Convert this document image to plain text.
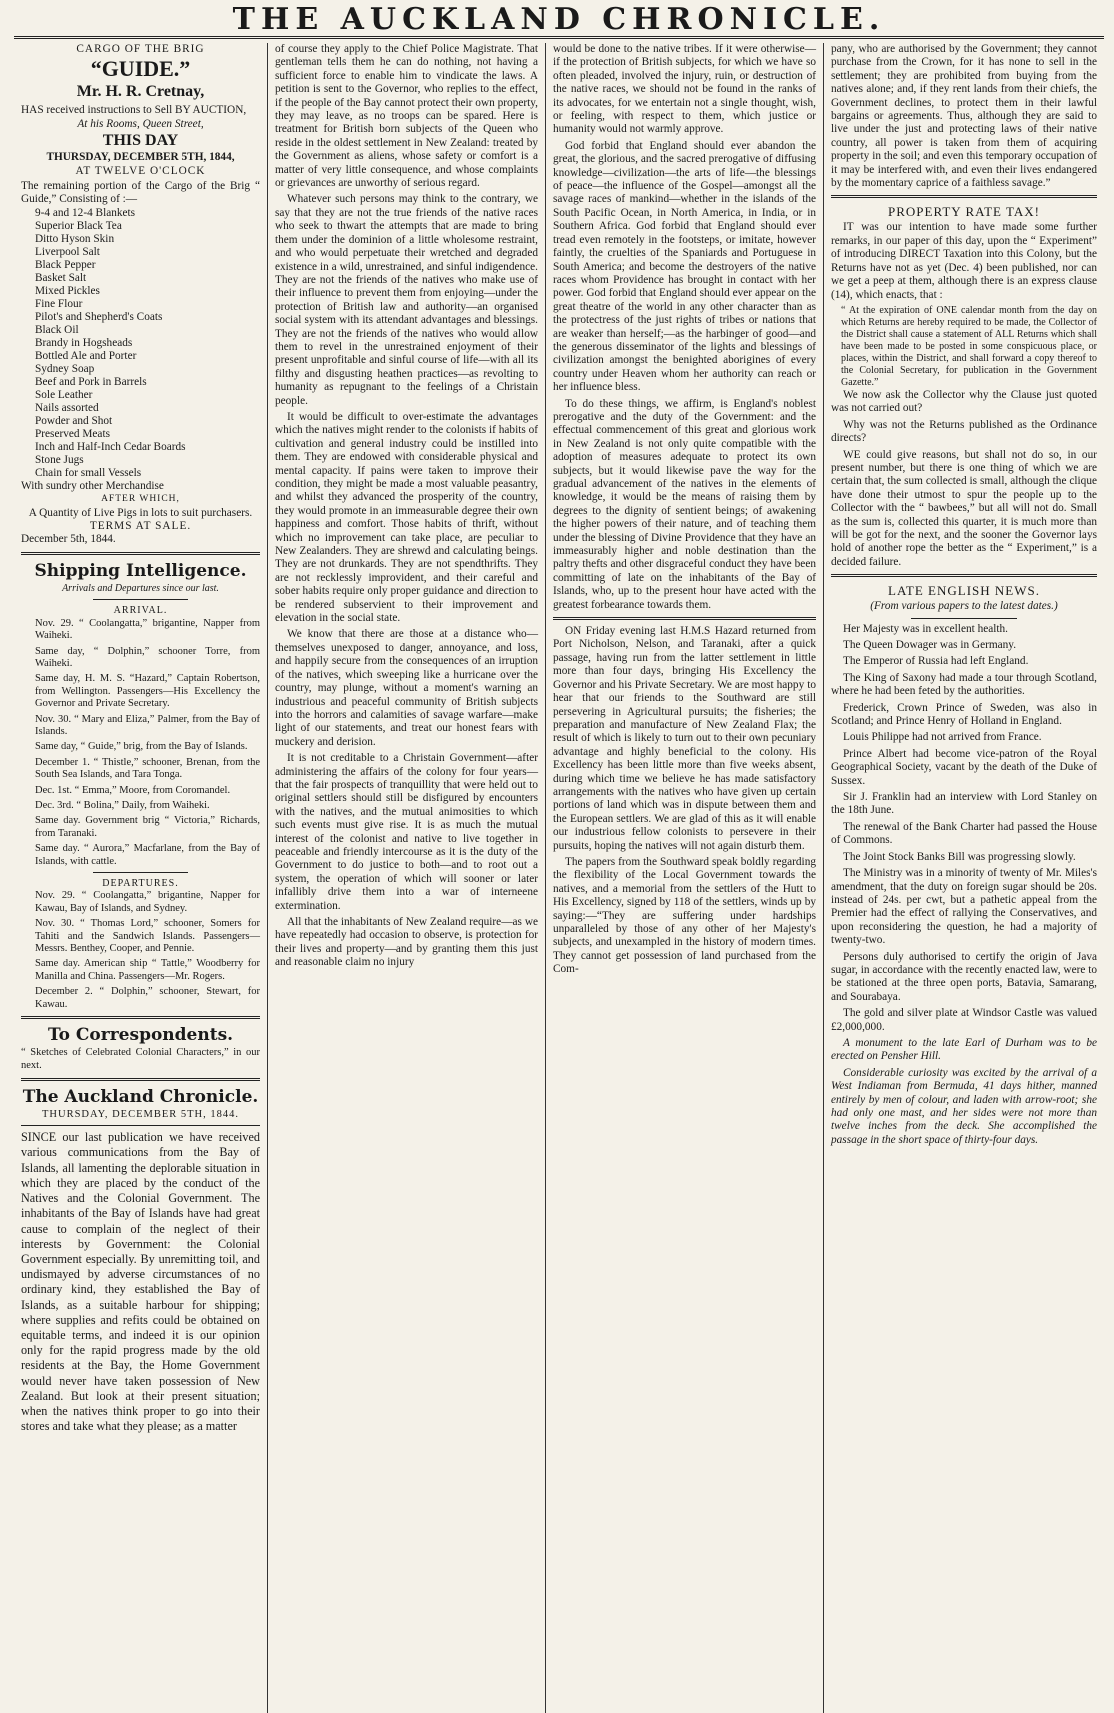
THE AUCKLAND CHRONICLE.
CARGO OF THE BRIG
“GUIDE.”
Mr. H. R. Cretnay,
HAS received instructions to Sell BY AUCTION,
At his Rooms, Queen Street,
THIS DAY
THURSDAY, DECEMBER 5TH, 1844,
AT TWELVE O'CLOCK
The remaining portion of the Cargo of the Brig “ Guide,” Consisting of :—
9-4 and 12-4 Blankets
Superior Black Tea
Ditto Hyson Skin
Liverpool Salt
Black Pepper
Basket Salt
Mixed Pickles
Fine Flour
Pilot's and Shepherd's Coats
Black Oil
Brandy in Hogsheads
Bottled Ale and Porter
Sydney Soap
Beef and Pork in Barrels
Sole Leather
Nails assorted
Powder and Shot
Preserved Meats
Inch and Half-Inch Cedar Boards
Stone Jugs
Chain for small Vessels
With sundry other Merchandise
AFTER WHICH,
A Quantity of Live Pigs in lots to suit purchasers.
TERMS AT SALE.
December 5th, 1844.
Shipping Intelligence.
Arrivals and Departures since our last.
ARRIVAL.

Nov. 29. “ Coolangatta,” brigantine, Napper from Waiheki.

Same day, “ Dolphin,” schooner Torre, from Waiheki.

Same day, H. M. S. “Hazard,” Captain Robertson, from Wellington. Passengers—His Excellency the Governor and Private Secretary.

Nov. 30. “ Mary and Eliza,” Palmer, from the Bay of Islands.

Same day, “ Guide,” brig, from the Bay of Islands.

December 1. “ Thistle,” schooner, Brenan, from the South Sea Islands, and Tara Tonga.

Dec. 1st. “ Emma,” Moore, from Coromandel.

Dec. 3rd. “ Bolina,” Daily, from Waiheki.

Same day. Government brig “ Victoria,” Richards, from Taranaki.

Same day. “ Aurora,” Macfarlane, from the Bay of Islands, with cattle.

DEPARTURES.

Nov. 29. “ Coolangatta,” brigantine, Napper for Kawau, Bay of Islands, and Sydney.

Nov. 30. “ Thomas Lord,” schooner, Somers for Tahiti and the Sandwich Islands. Passengers—Messrs. Benthey, Cooper, and Pennie.

Same day. American ship “ Tattle,” Woodberry for Manilla and China. Passengers—Mr. Rogers.

December 2. “ Dolphin,” schooner, Stewart, for Kawau.

To Correspondents.
“ Sketches of Celebrated Colonial Characters,” in our next.
The Auckland Chronicle.
THURSDAY, DECEMBER 5TH, 1844.

SINCE our last publication we have received various communications from the Bay of Islands, all lamenting the deplorable situation in which they are placed by the conduct of the Natives and the Colonial Government. The inhabitants of the Bay of Islands have had great cause to complain of the neglect of their interests by Government: the Colonial Government especially. By unremitting toil, and undismayed by adverse circumstances of no ordinary kind, they established the Bay of Islands, as a suitable harbour for shipping; where supplies and refits could be obtained on equitable terms, and indeed it is our opinion only for the rapid progress made by the old residents at the Bay, the Home Government would never have taken possession of New Zealand. But look at their present situation; when the natives think proper to go into their stores and take what they please; as a matter

of course they apply to the Chief Police Magistrate. That gentleman tells them he can do nothing, not having a sufficient force to enable him to vindicate the laws. A petition is sent to the Governor, who replies to the effect, if the people of the Bay cannot protect their own property, they may leave, as no troops can be spared. Here is treatment for British born subjects of the Queen who reside in the oldest settlement in New Zealand: treated by the Government as aliens, whose safety or comfort is a matter of very little consequence, and whose complaints or grievances are unworthy of serious regard.

Whatever such persons may think to the contrary, we say that they are not the true friends of the native races who seek to thwart the attempts that are made to bring them under the dominion of a little wholesome restraint, and who would perpetuate their wretched and degraded existence in a wild, unrestrained, and sinful indigendence. They are not the friends of the natives who make use of their influence to prevent them from enjoying—under the protection of British law and authority—an organised social system with its attendant advantages and blessings. They are not the friends of the natives who would allow them to revel in the unrestrained enjoyment of their present unprofitable and sinful course of life—with all its filthy and disgusting heathen practices—as revolting to humanity as repugnant to the feelings of a Christain people.

It would be difficult to over-estimate the advantages which the natives might render to the colonists if habits of cultivation and general industry could be instilled into them. They are endowed with considerable physical and mental capacity. If pains were taken to improve their condition, they might be made a most valuable peasantry, and whilst they advanced the prosperity of the country, they would promote in an immeasurable degree their own happiness and comfort. Those habits of thrift, without which no improvement can take place, are peculiar to New Zealanders. They are shrewd and calculating beings. They are not drunkards. They are not spendthrifts. They are not recklessly improvident, and their careful and sober habits require only proper guidance and direction to be rendered subservient to their improvement and elevation in the social state.

We know that there are those at a distance who—themselves unexposed to danger, annoyance, and loss, and happily secure from the consequences of an irruption of the natives, which sweeping like a hurricane over the country, may plunge, without a moment's warning an industrious and peaceful community of British subjects into the horrors and calamities of savage warfare—make light of our statements, and treat our honest fears with muckery and derision.

It is not creditable to a Christain Government—after administering the affairs of the colony for four years—that the fair prospects of tranquillity that were held out to original settlers should still be disfigured by encounters with the natives, and the mutual animosities to which such events must give rise. It is as much the mutual interest of the colonist and native to live together in peaceable and friendly intercourse as it is the duty of the Government to do justice to both—and to root out a system, the operation of which will sooner or later infallibly drive them into a war of interneene extermination.

All that the inhabitants of New Zealand require—as we have repeatedly had occasion to observe, is protection for their lives and property—and by granting them this just and reasonable claim no injury

would be done to the native tribes. If it were otherwise—if the protection of British subjects, for which we have so often pleaded, involved the injury, ruin, or destruction of the native races, we should not be found in the ranks of its advocates, for we entertain not a single thought, wish, or feeling, with respect to them, which justice or humanity would not warmly approve.

God forbid that England should ever abandon the great, the glorious, and the sacred prerogative of diffusing knowledge—civilization—the arts of life—the blessings of peace—the influence of the Gospel—amongst all the savage races of mankind—whether in the islands of the South Pacific Ocean, in North America, in India, or in Southern Africa. God forbid that England should ever tread even remotely in the footsteps, or imitate, however faintly, the cruelties of the Spaniards and Portuguese in South America; and become the destroyers of the native races whom Providence has brought in contact with her power. God forbid that England should ever appear on the great theatre of the world in any other character than as the protectress of the just rights of tribes or nations that are weaker than herself;—as the harbinger of good—and the generous disseminator of the lights and blessings of civilization amongst the benighted aborigines of every country under Heaven whom her authority can reach or her influence bless.

To do these things, we affirm, is England's noblest prerogative and the duty of the Government: and the effectual commencement of this great and glorious work in New Zealand is not only quite compatible with the adoption of measures adequate to protect its own subjects, but it would likewise pave the way for the gradual advancement of the natives in the elements of knowledge, it would be the means of raising them by degrees to the dignity of sentient beings; of awakening the higher powers of their nature, and of teaching them under the blessing of Divine Providence that they have an immeasurably higher and noble destination than the paltry thefts and other disgraceful conduct they have been committing of late on the inhabitants of the Bay of Islands, who, up to the present hour have acted with the greatest forbearance towards them.

ON Friday evening last H.M.S Hazard returned from Port Nicholson, Nelson, and Taranaki, after a quick passage, having run from the latter settlement in little more than four days, bringing His Excellency the Governor and his Private Secretary. We are most happy to hear that our friends to the Southward are still persevering in Agricultural pursuits; the fisheries; the preparation and manufacture of New Zealand Flax; the result of which is likely to turn out to their own pecuniary advantage and highly beneficial to the colony. His Excellency has been little more than five weeks absent, during which time we believe he has made satisfactory arrangements with the natives who have given up certain portions of land which was in dispute between them and the European settlers. We are glad of this as it will enable our industrious fellow colonists to persevere in their pursuits, hoping the natives will not again disturb them.

The papers from the Southward speak boldly regarding the flexibility of the Local Government towards the natives, and a memorial from the settlers of the Hutt to His Excellency, signed by 118 of the settlers, winds up by saying:—“They are suffering under hardships unparalleled by those of any other of her Majesty's subjects, and unexampled in the history of modern times. They cannot get possession of land purchased from the Com-

pany, who are authorised by the Government; they cannot purchase from the Crown, for it has none to sell in the settlement; they are prohibited from buying from the natives alone; and, if they rent lands from their chiefs, the Government declines, to protect them in their lawful bargains or agreements. Thus, although they are said to live under the just and protecting laws of their native country, all power is taken from them of acquiring property in the soil; and even this temporary occupation of it may be interfered with, and even their lives endangered by the momentary caprice of a faithless savage.”

PROPERTY RATE TAX!

IT was our intention to have made some further remarks, in our paper of this day, upon the “ Experiment” of introducing DIRECT Taxation into this Colony, but the Returns have not as yet (Dec. 4) been published, nor can we get a peep at them, although there is an express clause (14), which enacts, that :

“ At the expiration of ONE calendar month from the day on which Returns are hereby required to be made, the Collector of the District shall cause a statement of ALL Returns which shall have been made to be posted in some conspicuous place, or places, within the District, and shall forward a copy thereof to the Colonial Secretary, for publication in the Government Gazette.”

We now ask the Collector why the Clause just quoted was not carried out?

Why was not the Returns published as the Ordinance directs?

WE could give reasons, but shall not do so, in our present number, but there is one thing of which we are certain that, the sum collected is small, although the clique have done their utmost to spur the people up to the Collector with the “ bawbees,” but all will not do. Small as the sum is, collected this quarter, it is much more than will be got for the next, and the sooner the Governor lays hold of another rope the better as the “ Experiment,” is a decided failure.

LATE ENGLISH NEWS.
(From various papers to the latest dates.)

Her Majesty was in excellent health.

The Queen Dowager was in Germany.

The Emperor of Russia had left England.

The King of Saxony had made a tour through Scotland, where he had been feted by the authorities.

Frederick, Crown Prince of Sweden, was also in Scotland; and Prince Henry of Holland in England.

Louis Philippe had not arrived from France.

Prince Albert had become vice-patron of the Royal Geographical Society, vacant by the death of the Duke of Sussex.

Sir J. Franklin had an interview with Lord Stanley on the 18th June.

The renewal of the Bank Charter had passed the House of Commons.

The Joint Stock Banks Bill was progressing slowly.

The Ministry was in a minority of twenty of Mr. Miles's amendment, that the duty on foreign sugar should be 20s. instead of 24s. per cwt, but a pathetic appeal from the Premier had the effect of rallying the Conservatives, and upon reconsidering the question, he had a majority of twenty-two.

Persons duly authorised to certify the origin of Java sugar, in accordance with the recently enacted law, were to be stationed at the three open ports, Batavia, Samarang, and Sourabaya.

The gold and silver plate at Windsor Castle was valued £2,000,000.

A monument to the late Earl of Durham was to be erected on Pensher Hill.

Considerable curiosity was excited by the arrival of a West Indiaman from Bermuda, 41 days hither, manned entirely by men of colour, and laden with arrow-root; she had only one mast, and her sides were not more than twelve inches from the deck. She accomplished the passage in the short space of thirty-four days.
